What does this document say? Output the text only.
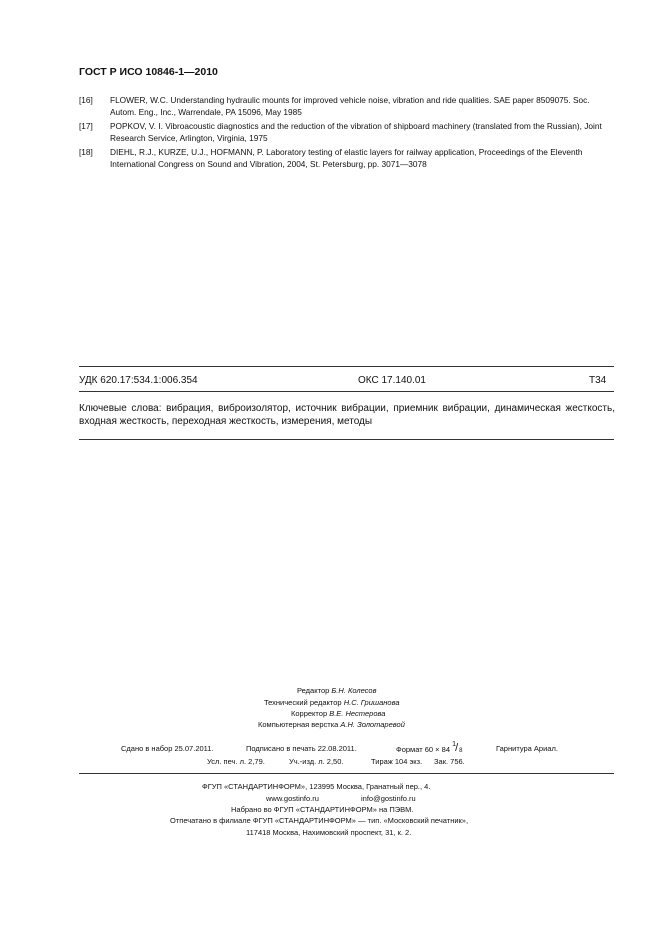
ГОСТ Р ИСО 10846-1—2010
[16] FLOWER, W.C. Understanding hydraulic mounts for improved vehicle noise, vibration and ride qualities. SAE paper 8509075. Soc. Autom. Eng., Inc., Warrendale, PA 15096, May 1985
[17] POPKOV, V. I. Vibroacoustic diagnostics and the reduction of the vibration of shipboard machinery (translated from the Russian), Joint Research Service, Arlington, Virginia, 1975
[18] DIEHL, R.J., KURZE, U.J., HOFMANN, P. Laboratory testing of elastic layers for railway application, Proceedings of the Eleventh International Congress on Sound and Vibration, 2004, St. Petersburg, pp. 3071—3078
УДК 620.17:534.1:006.354	ОКС 17.140.01	Т34
Ключевые слова: вибрация, виброизолятор, источник вибрации, приемник вибрации, динамическая жесткость, входная жесткость, переходная жесткость, измерения, методы
Редактор Б.Н. Колесов
Технический редактор Н.С. Гришанова
Корректор В.Е. Нестерова
Компьютерная верстка А.Н. Золотаревой
Сдано в набор 25.07.2011.	Подписано в печать 22.08.2011.	Формат 60 × 84
1 / 8	Гарнитура Ариал.
Усл. печ. л. 2,79.	Уч.-изд. л. 2,50.	Тираж 104 экз. Зак. 756.
ФГУП «СТАНДАРТИНФОРМ», 123995 Москва, Гранатный пер., 4.
www.gostinfo.ru	info@gostinfo.ru
Набрано во ФГУП «СТАНДАРТИНФОРМ» на ПЭВМ.
Отпечатано в филиале ФГУП «СТАНДАРТИНФОРМ» — тип. «Московский печатник»,
117418 Москва, Нахимовский проспект, 31, к. 2.
